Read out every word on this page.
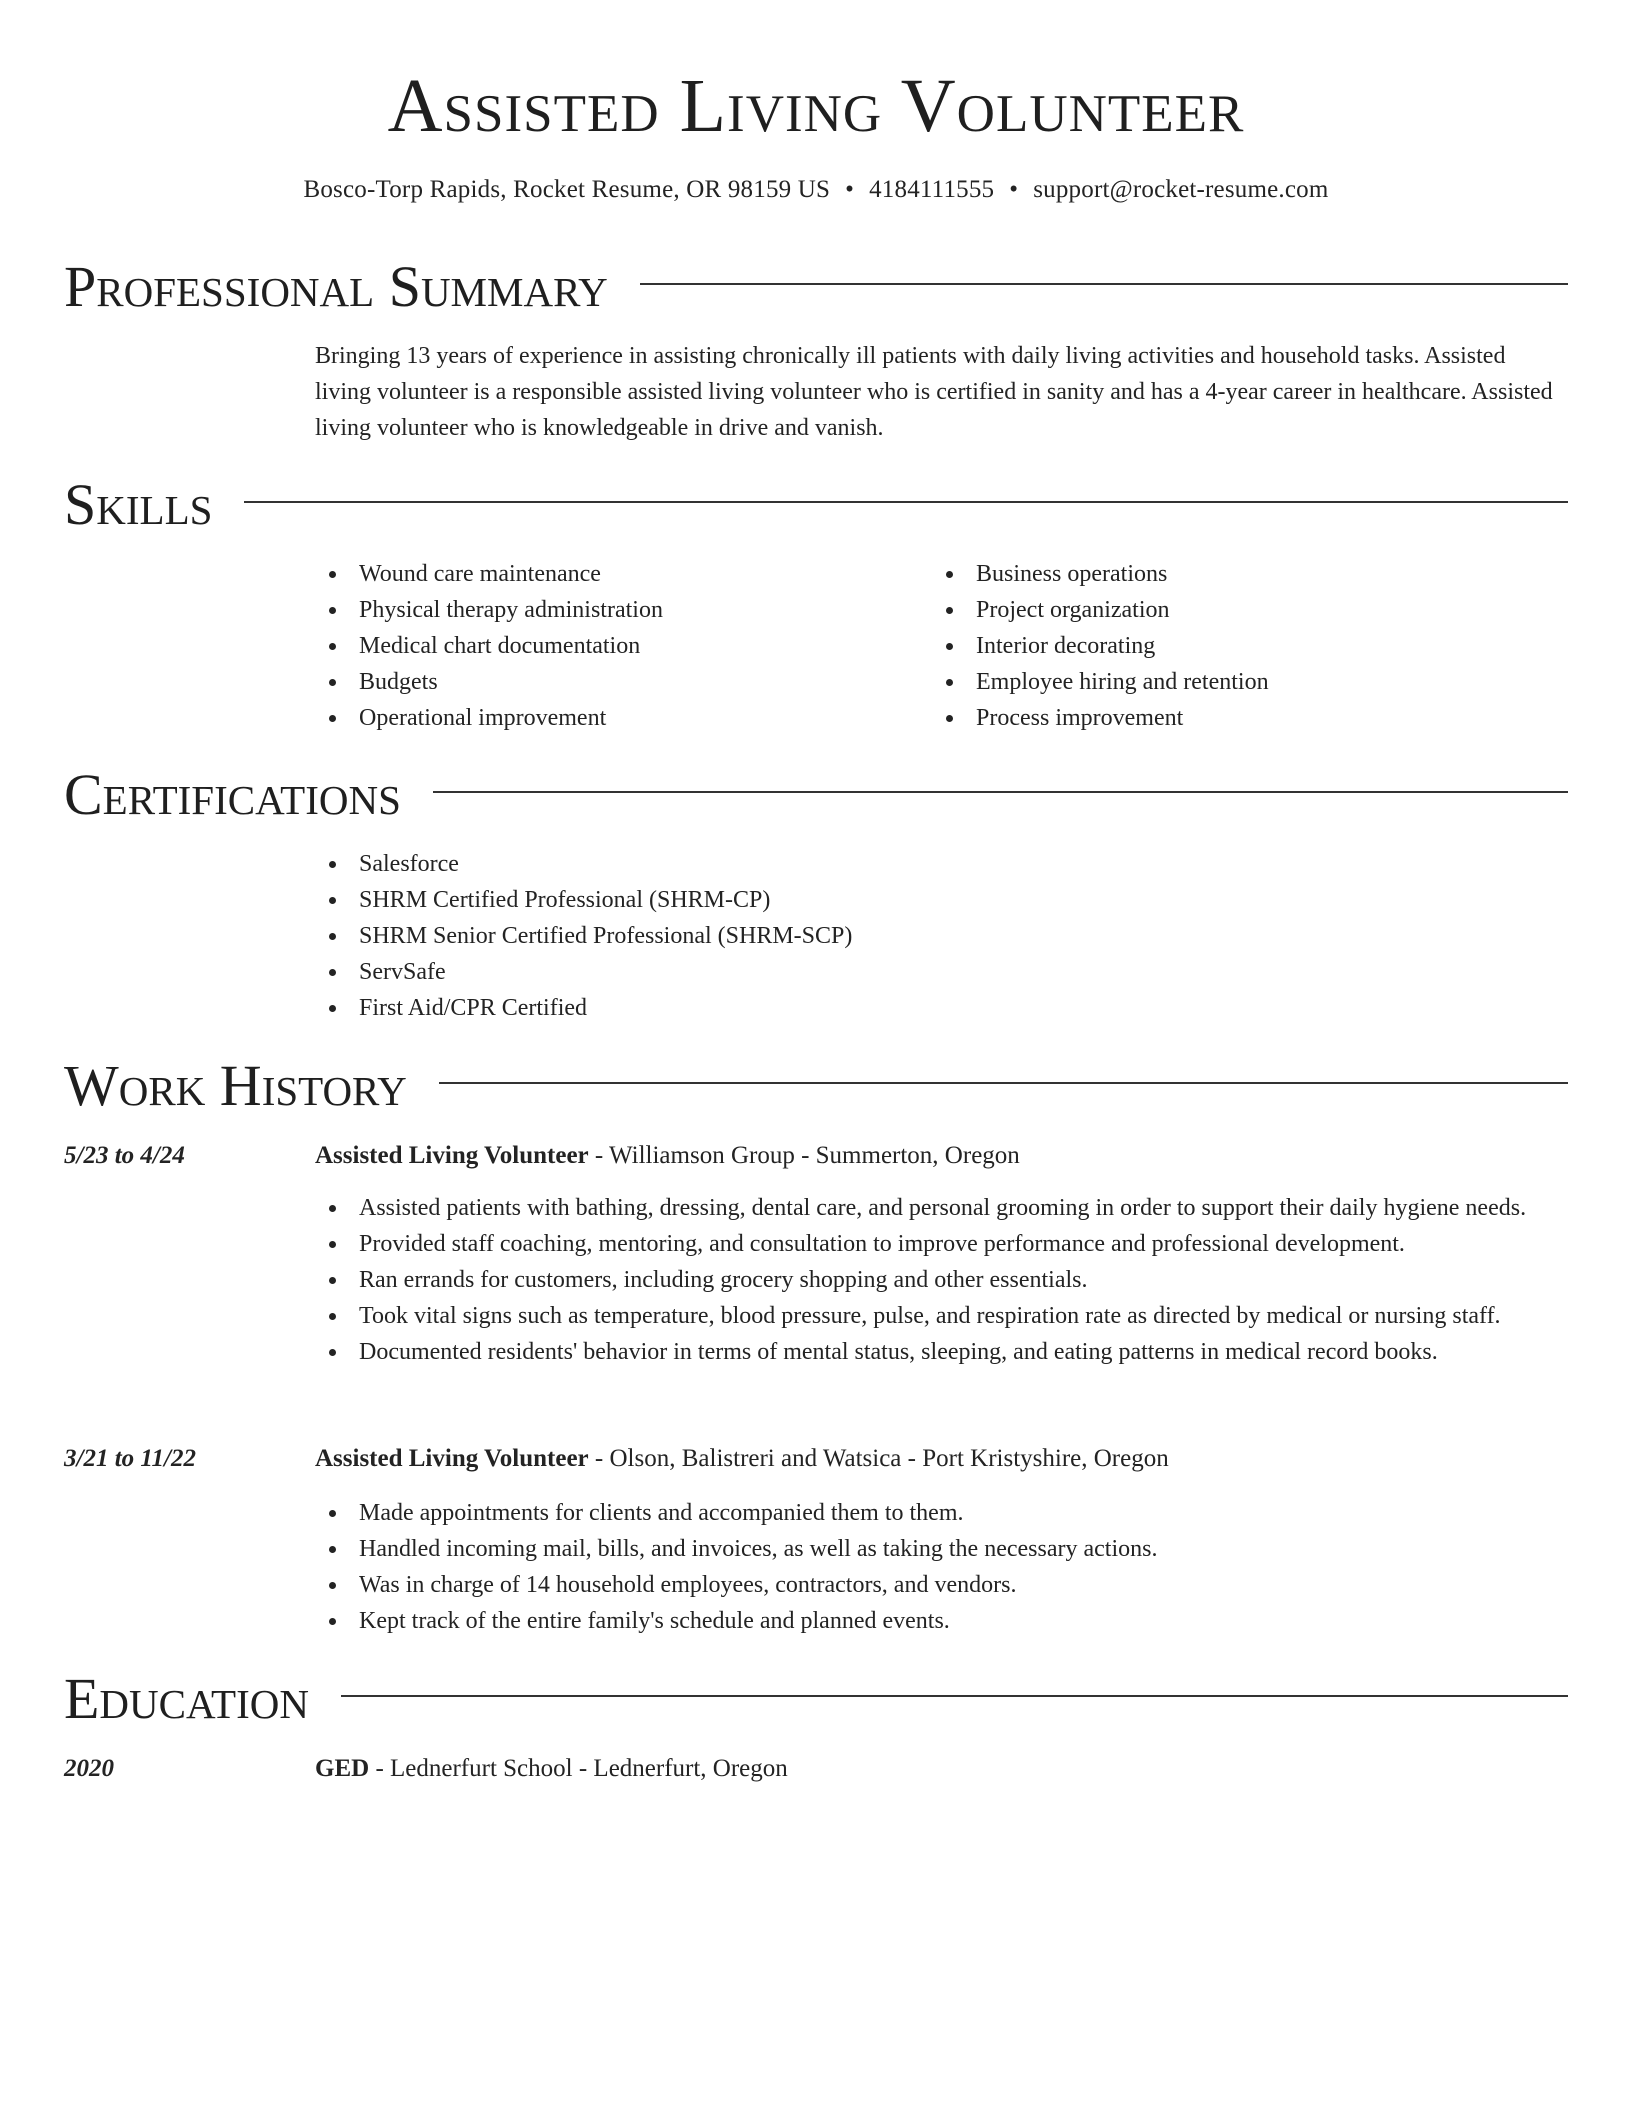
Assisted Living Volunteer
Bosco-Torp Rapids, Rocket Resume, OR 98159 US • 4184111555 • support@rocket-resume.com
Professional Summary

Bringing 13 years of experience in assisting chronically ill patients with daily living activities and household tasks. Assisted living volunteer is a responsible assisted living volunteer who is certified in sanity and has a 4-year career in healthcare. Assisted living volunteer who is knowledgeable in drive and vanish.

Skills
Wound care maintenance
Physical therapy administration
Medical chart documentation
Budgets
Operational improvement
Business operations
Project organization
Interior decorating
Employee hiring and retention
Process improvement
Certifications
Salesforce
SHRM Certified Professional (SHRM-CP)
SHRM Senior Certified Professional (SHRM-SCP)
ServSafe
First Aid/CPR Certified
Work History
5/23 to 4/24	Assisted Living Volunteer - Williamson Group - Summerton, Oregon
Assisted patients with bathing, dressing, dental care, and personal grooming in order to support their daily hygiene needs.
Provided staff coaching, mentoring, and consultation to improve performance and professional development.
Ran errands for customers, including grocery shopping and other essentials.
Took vital signs such as temperature, blood pressure, pulse, and respiration rate as directed by medical or nursing staff.
Documented residents' behavior in terms of mental status, sleeping, and eating patterns in medical record books.
3/21 to 11/22	Assisted Living Volunteer - Olson, Balistreri and Watsica - Port Kristyshire, Oregon
Made appointments for clients and accompanied them to them.
Handled incoming mail, bills, and invoices, as well as taking the necessary actions.
Was in charge of 14 household employees, contractors, and vendors.
Kept track of the entire family's schedule and planned events.
Education
2020	GED - Lednerfurt School - Lednerfurt, Oregon
